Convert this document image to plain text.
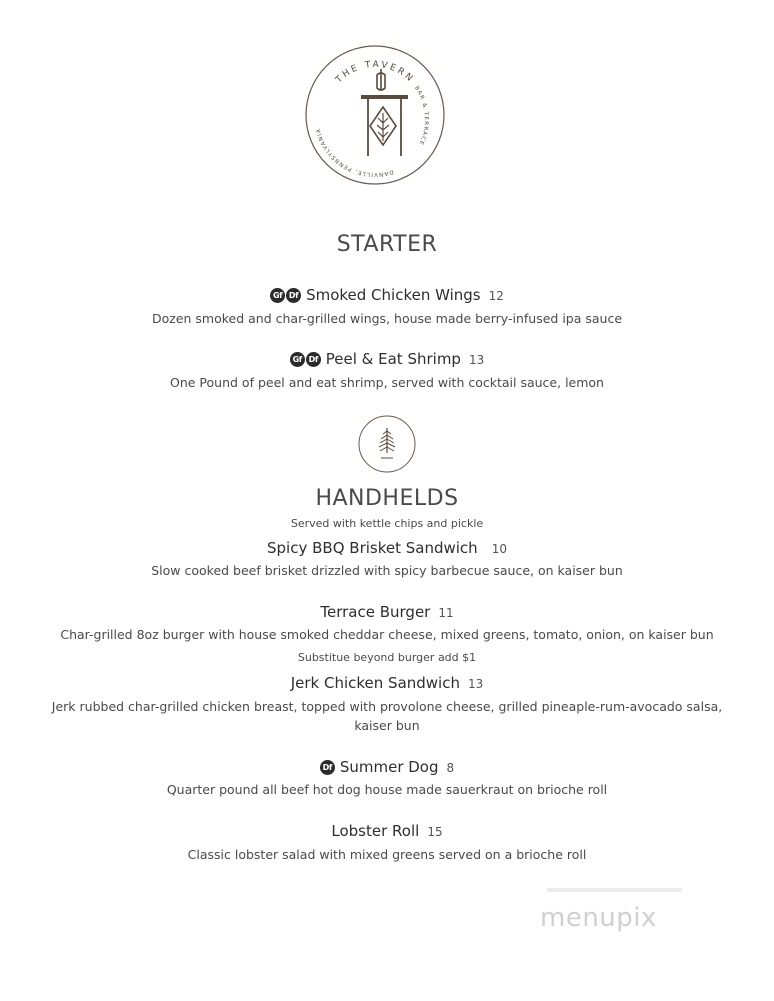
THE TAVERN
BAR & TERRACE
DANVILLE, PENNSYLVANIA
STARTER
Gf Df Smoked Chicken Wings 12
Dozen smoked and char-grilled wings, house made berry-infused ipa sauce
Gf Df Peel & Eat Shrimp 13
One Pound of peel and eat shrimp, served with cocktail sauce, lemon
HANDHELDS
Served with kettle chips and pickle
Spicy BBQ Brisket Sandwich 10
Slow cooked beef brisket drizzled with spicy barbecue sauce, on kaiser bun
Terrace Burger 11
Char-grilled 8oz burger with house smoked cheddar cheese, mixed greens, tomato, onion, on kaiser bun
Substitue beyond burger add $1
Jerk Chicken Sandwich 13
Jerk rubbed char-grilled chicken breast, topped with provolone cheese, grilled pineaple-rum-avocado salsa,
kaiser bun
Df Summer Dog 8
Quarter pound all beef hot dog house made sauerkraut on brioche roll
Lobster Roll 15
Classic lobster salad with mixed greens served on a brioche roll
menupix
